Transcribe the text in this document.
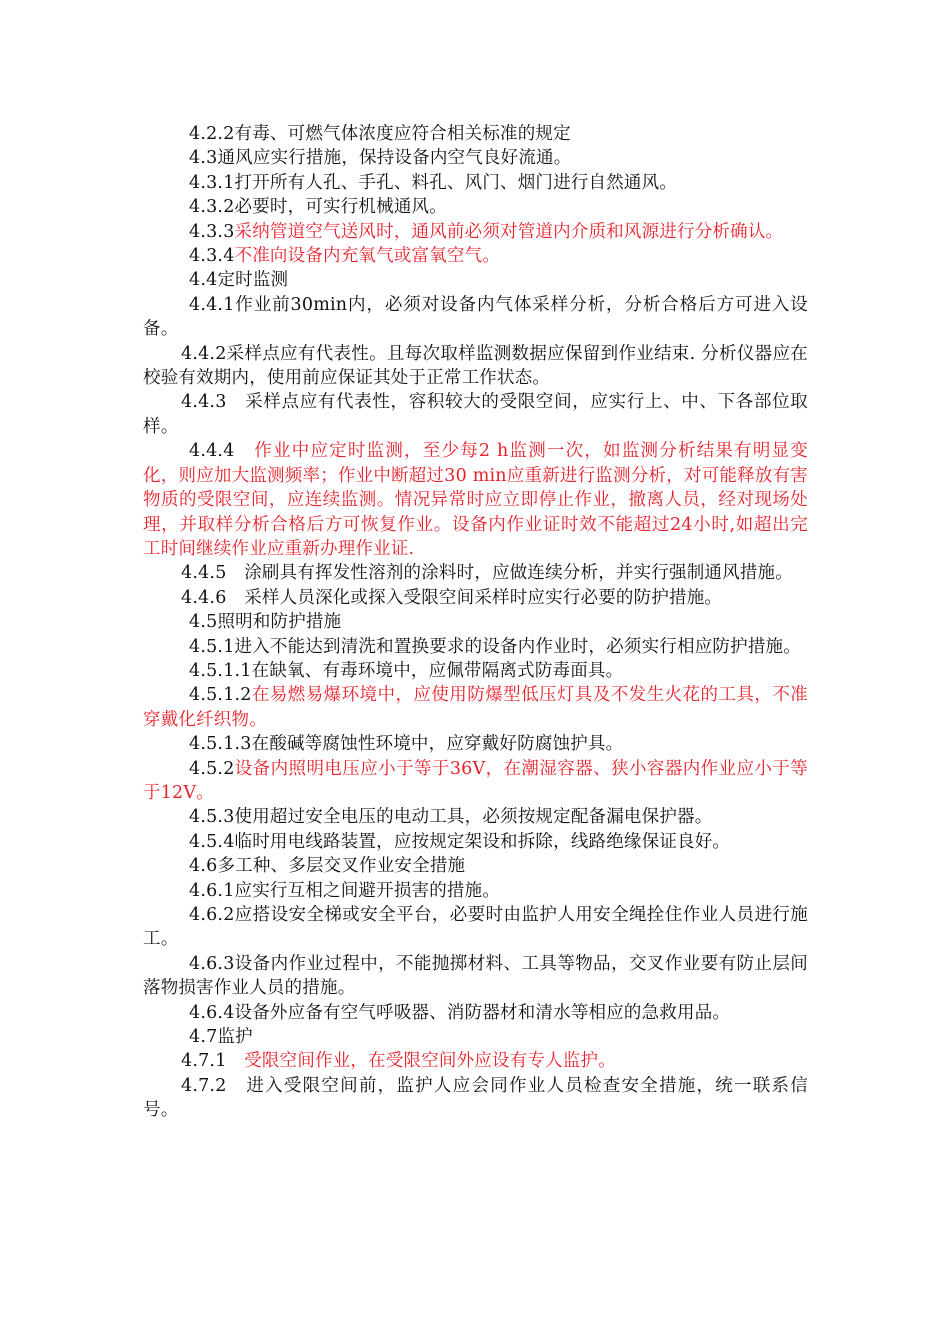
4.2.2有毒、可燃气体浓度应符合相关标准的规定

4.3通风应实行措施，保持设备内空气良好流通。

4.3.1打开所有人孔、手孔、料孔、风门、烟门进行自然通风。

4.3.2必要时，可实行机械通风。

4.3.3采纳管道空气送风时，通风前必须对管道内介质和风源进行分析确认。

4.3.4不准向设备内充氧气或富氧空气。

4.4定时监测

4.4.1作业前30min内，必须对设备内气体采样分析，分析合格后方可进入设备。

4.4.2采样点应有代表性。且每次取样监测数据应保留到作业结束. 分析仪器应在校验有效期内，使用前应保证其处于正常工作状态。

4.4.3　 采样点应有代表性，容积较大的受限空间，应实行上、中、下各部位取样。

4.4.4　 作业中应定时监测，至少每2 h监测一次，如监测分析结果有明显变化，则应加大监测频率；作业中断超过30 min应重新进行监测分析，对可能释放有害物质的受限空间，应连续监测。情况异常时应立即停止作业，撤离人员，经对现场处理，并取样分析合格后方可恢复作业。设备内作业证时效不能超过24小时,如超出完工时间继续作业应重新办理作业证.

4.4.5　 涂刷具有挥发性溶剂的涂料时，应做连续分析，并实行强制通风措施。

4.4.6　 采样人员深化或探入受限空间采样时应实行必要的防护措施。

4.5照明和防护措施

4.5.1进入不能达到清洗和置换要求的设备内作业时，必须实行相应防护措施。

4.5.1.1在缺氧、有毒环境中，应佩带隔离式防毒面具。

4.5.1.2在易燃易爆环境中，应使用防爆型低压灯具及不发生火花的工具，不准穿戴化纤织物。

4.5.1.3在酸碱等腐蚀性环境中，应穿戴好防腐蚀护具。

4.5.2设备内照明电压应小于等于36V，在潮湿容器、狭小容器内作业应小于等于12V。

4.5.3使用超过安全电压的电动工具，必须按规定配备漏电保护器。

4.5.4临时用电线路装置，应按规定架设和拆除，线路绝缘保证良好。

4.6多工种、多层交叉作业安全措施

4.6.1应实行互相之间避开损害的措施。

4.6.2应搭设安全梯或安全平台，必要时由监护人用安全绳拴住作业人员进行施工。

4.6.3设备内作业过程中，不能抛掷材料、工具等物品，交叉作业要有防止层间落物损害作业人员的措施。

4.6.4设备外应备有空气呼吸器、消防器材和清水等相应的急救用品。

4.7监护

4.7.1　 受限空间作业，在受限空间外应设有专人监护。

4.7.2　 进入受限空间前，监护人应会同作业人员检查安全措施，统一联系信号。
